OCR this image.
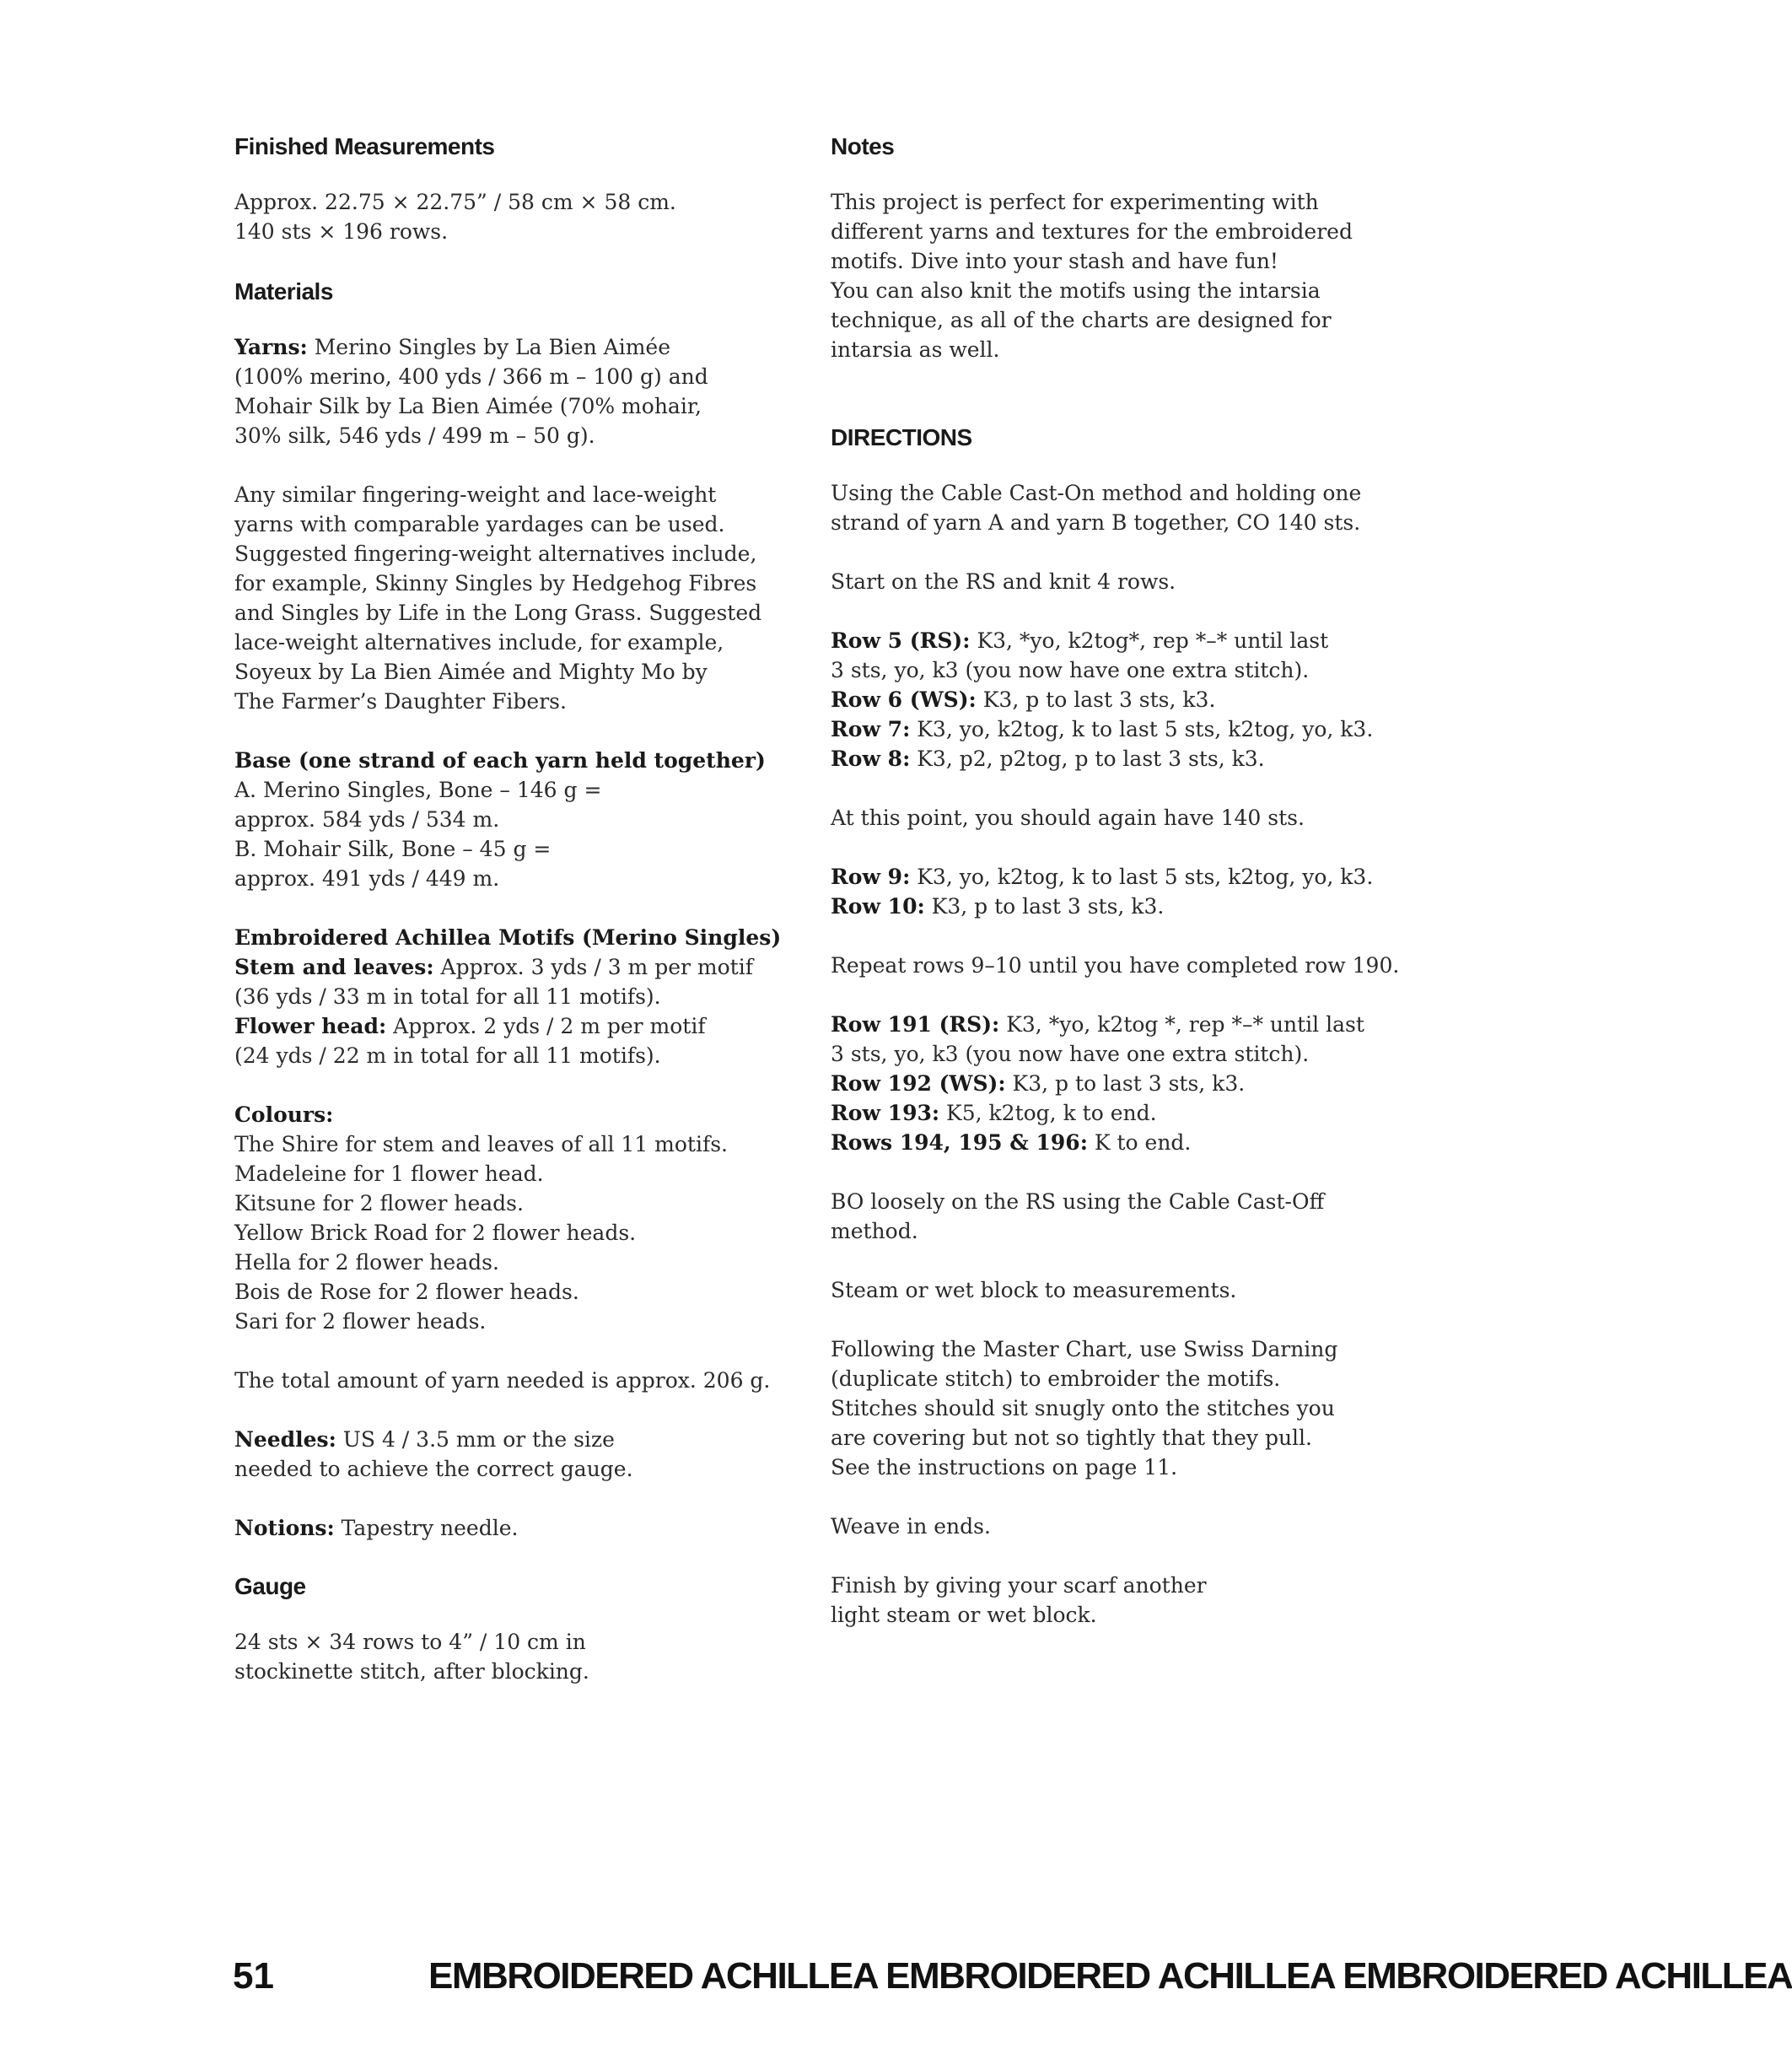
Finished Measurements

Approx. 22.75 × 22.75” / 58 cm × 58 cm.
140 sts × 196 rows.

Materials

Yarns: Merino Singles by La Bien Aimée
(100% merino, 400 yds / 366 m – 100 g) and
Mohair Silk by La Bien Aimée (70% mohair,
30% silk, 546 yds / 499 m – 50 g).

Any similar fingering-weight and lace-weight
yarns with comparable yardages can be used.
Suggested fingering-weight alternatives include,
for example, Skinny Singles by Hedgehog Fibres
and Singles by Life in the Long Grass. Suggested
lace-weight alternatives include, for example,
Soyeux by La Bien Aimée and Mighty Mo by
The Farmer’s Daughter Fibers.

Base (one strand of each yarn held together)
A. Merino Singles, Bone – 146 g =
approx. 584 yds / 534 m.
B. Mohair Silk, Bone – 45 g =
approx. 491 yds / 449 m.

Embroidered Achillea Motifs (Merino Singles)
Stem and leaves: Approx. 3 yds / 3 m per motif
(36 yds / 33 m in total for all 11 motifs).
Flower head: Approx. 2 yds / 2 m per motif
(24 yds / 22 m in total for all 11 motifs).

Colours:
The Shire for stem and leaves of all 11 motifs.
Madeleine for 1 flower head.
Kitsune for 2 flower heads.
Yellow Brick Road for 2 flower heads.
Hella for 2 flower heads.
Bois de Rose for 2 flower heads.
Sari for 2 flower heads.

The total amount of yarn needed is approx. 206 g.

Needles: US 4 / 3.5 mm or the size
needed to achieve the correct gauge.

Notions: Tapestry needle.

Gauge

24 sts × 34 rows to 4” / 10 cm in
stockinette stitch, after blocking.

Notes

This project is perfect for experimenting with
different yarns and textures for the embroidered
motifs. Dive into your stash and have fun!
You can also knit the motifs using the intarsia
technique, as all of the charts are designed for
intarsia as well.

DIRECTIONS

Using the Cable Cast-On method and holding one
strand of yarn A and yarn B together, CO 140 sts.

Start on the RS and knit 4 rows.

Row 5 (RS): K3, *yo, k2tog*, rep *–* until last
3 sts, yo, k3 (you now have one extra stitch).
Row 6 (WS): K3, p to last 3 sts, k3.
Row 7: K3, yo, k2tog, k to last 5 sts, k2tog, yo, k3.
Row 8: K3, p2, p2tog, p to last 3 sts, k3.

At this point, you should again have 140 sts.

Row 9: K3, yo, k2tog, k to last 5 sts, k2tog, yo, k3.
Row 10: K3, p to last 3 sts, k3.

Repeat rows 9–10 until you have completed row 190.

Row 191 (RS): K3, *yo, k2tog *, rep *–* until last
3 sts, yo, k3 (you now have one extra stitch).
Row 192 (WS): K3, p to last 3 sts, k3.
Row 193: K5, k2tog, k to end.
Rows 194, 195 & 196: K to end.

BO loosely on the RS using the Cable Cast-Off
method.

Steam or wet block to measurements.

Following the Master Chart, use Swiss Darning
(duplicate stitch) to embroider the motifs.
Stitches should sit snugly onto the stitches you
are covering but not so tightly that they pull.
See the instructions on page 11.

Weave in ends.

Finish by giving your scarf another
light steam or wet block.

51	EMBROIDERED ACHILLEA EMBROIDERED ACHILLEA EMBROIDERED ACHILLEA
